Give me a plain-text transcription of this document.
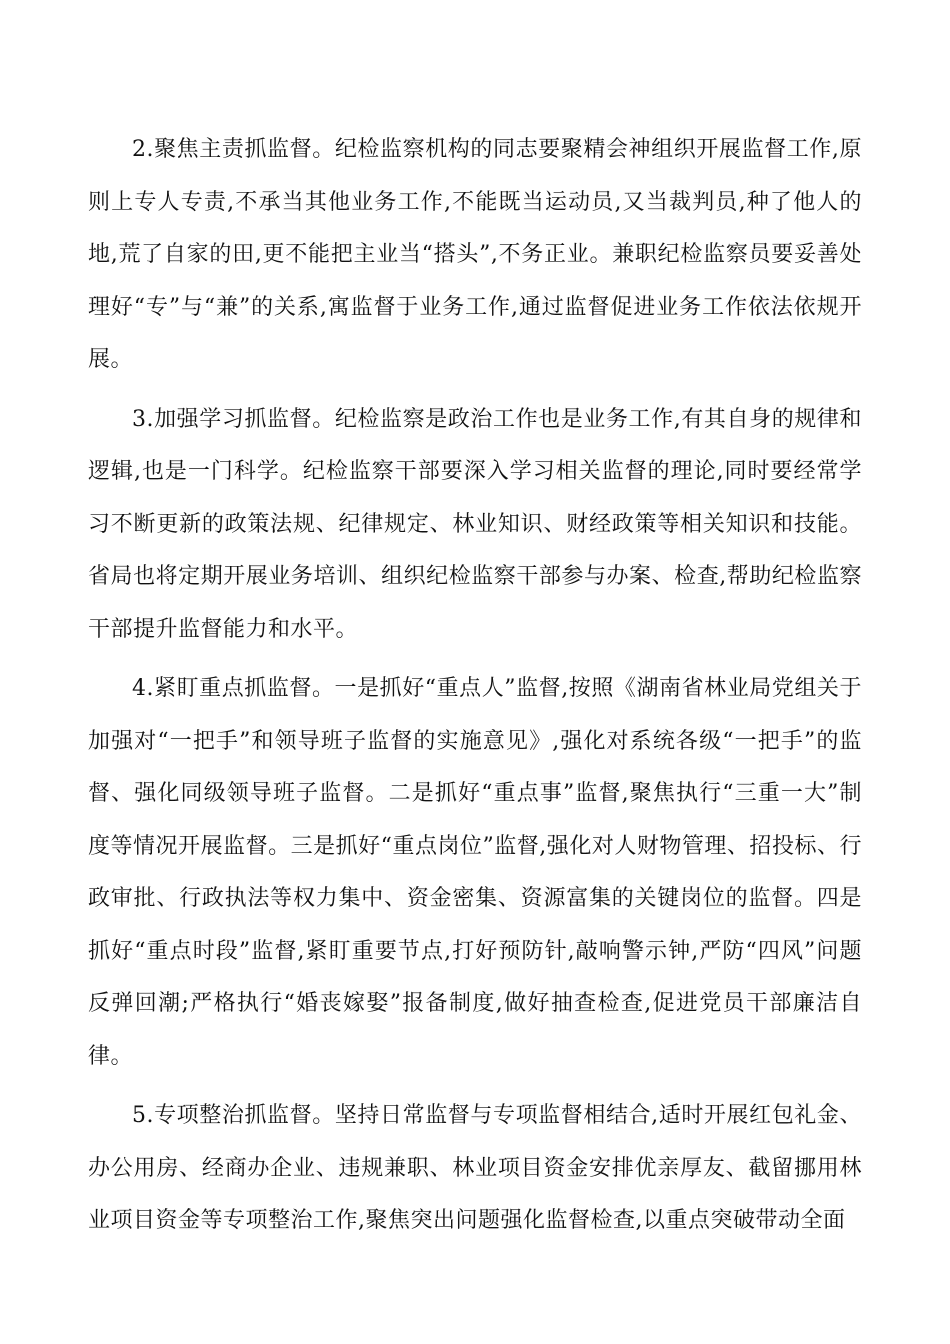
2.聚焦主责抓监督。纪检监察机构的同志要聚精会神组织开展监督工作,原则上专人专责,不承当其他业务工作,不能既当运动员,又当裁判员,种了他人的地,荒了自家的田,更不能把主业当“搭头”,不务正业。兼职纪检监察员要妥善处理好“专”与“兼”的关系,寓监督于业务工作,通过监督促进业务工作依法依规开展。

3.加强学习抓监督。纪检监察是政治工作也是业务工作,有其自身的规律和逻辑,也是一门科学。纪检监察干部要深入学习相关监督的理论,同时要经常学习不断更新的政策法规、纪律规定、林业知识、财经政策等相关知识和技能。省局也将定期开展业务培训、组织纪检监察干部参与办案、检查,帮助纪检监察干部提升监督能力和水平。

4.紧盯重点抓监督。一是抓好“重点人”监督,按照《湖南省林业局党组关于加强对“一把手”和领导班子监督的实施意见》,强化对系统各级“一把手”的监督、强化同级领导班子监督。二是抓好“重点事”监督,聚焦执行“三重一大”制度等情况开展监督。三是抓好“重点岗位”监督,强化对人财物管理、招投标、行政审批、行政执法等权力集中、资金密集、资源富集的关键岗位的监督。四是抓好“重点时段”监督,紧盯重要节点,打好预防针,敲响警示钟,严防“四风”问题反弹回潮;严格执行“婚丧嫁娶”报备制度,做好抽查检查,促进党员干部廉洁自律。

5.专项整治抓监督。坚持日常监督与专项监督相结合,适时开展红包礼金、办公用房、经商办企业、违规兼职、林业项目资金安排优亲厚友、截留挪用林业项目资金等专项整治工作,聚焦突出问题强化监督检查,以重点突破带动全面
